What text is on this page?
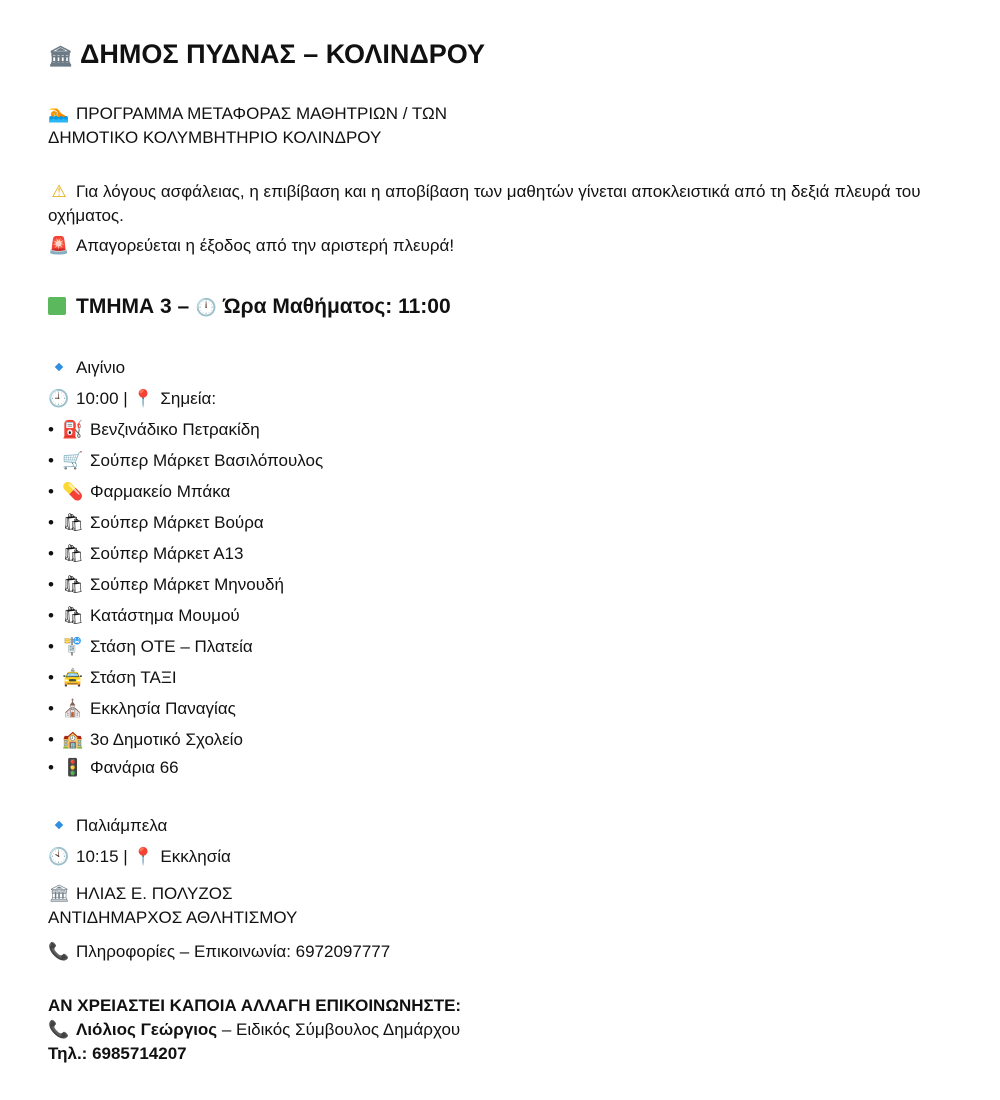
🏛 ΔΗΜΟΣ ΠΥΔΝΑΣ – ΚΟΛΙΝΔΡΟΥ
🏊 ΠΡΟΓΡΑΜΜΑ ΜΕΤΑΦΟΡΑΣ ΜΑΘΗΤΡΙΩΝ / ΤΩΝ
ΔΗΜΟΤΙΚΟ ΚΟΛΥΜΒΗΤΗΡΙΟ ΚΟΛΙΝΔΡΟΥ
⚠ Για λόγους ασφάλειας, η επιβίβαση και η αποβίβαση των μαθητών γίνεται αποκλειστικά από τη δεξιά πλευρά του οχήματος.
🚨 Απαγορεύεται η έξοδος από την αριστερή πλευρά!
ΤΜΗΜΑ 3 – 🕛 Ώρα Μαθήματος: 11:00
Αιγίνιο
🕘 10:00 | 📍 Σημεία:
• ⛽ Βενζινάδικο Πετρακίδη
• 🛒 Σούπερ Μάρκετ Βασιλόπουλος
• 💊 Φαρμακείο Μπάκα
• 🛍 Σούπερ Μάρκετ Βούρα
• 🛍 Σούπερ Μάρκετ Α13
• 🛍 Σούπερ Μάρκετ Μηνουδή
• 🛍 Κατάστημα Μουμού
• 🚏 Στάση ΟΤΕ – Πλατεία
• 🚖 Στάση ΤΑΞΙ
• ⛪ Εκκλησία Παναγίας
• 🏫 3ο Δημοτικό Σχολείο
• 🚦 Φανάρια 66
Παλιάμπελα
🕙 10:15 | 📍 Εκκλησία
🏛 ΗΛΙΑΣ Ε. ΠΟΛΥΖΟΣ
ΑΝΤΙΔΗΜΑΡΧΟΣ ΑΘΛΗΤΙΣΜΟΥ
📞 Πληροφορίες – Επικοινωνία: 6972097777
ΑΝ ΧΡΕΙΑΣΤΕΙ ΚΑΠΟΙΑ ΑΛΛΑΓΗ ΕΠΙΚΟΙΝΩΝΗΣΤΕ:
📞 Λιόλιος Γεώργιος – Ειδικός Σύμβουλος Δημάρχου
Τηλ.: 6985714207
